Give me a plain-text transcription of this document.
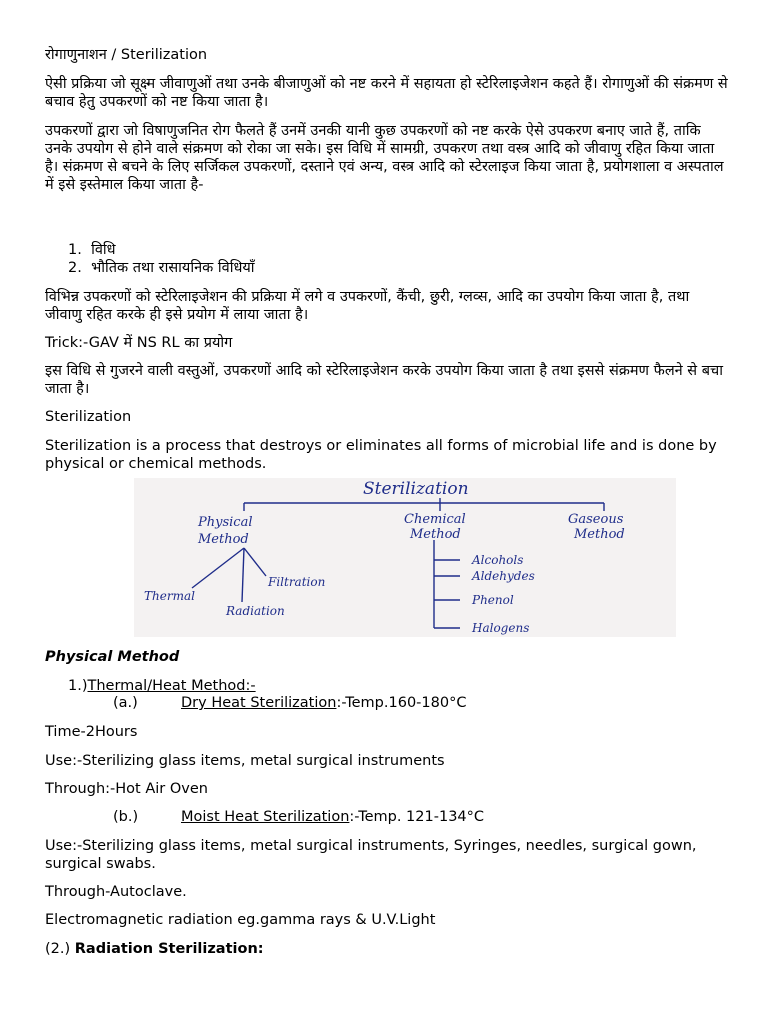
रोगाणुनाशन / Sterilization

ऐसी प्रक्रिया जो सूक्ष्म जीवाणुओं तथा उनके बीजाणुओं को नष्ट करने में सहायता हो स्टेरिलाइजेशन कहते हैं। रोगाणुओं की संक्रमण से बचाव हेतु उपकरणों को नष्ट किया जाता है।

उपकरणों द्वारा जो विषाणुजनित रोग फैलते हैं उनमें उनकी यानी कुछ उपकरणों को नष्ट करके ऐसे उपकरण बनाए जाते हैं, ताकि उनके उपयोग से होने वाले संक्रमण को रोका जा सके। इस विधि में सामग्री, उपकरण तथा वस्त्र आदि को जीवाणु रहित किया जाता है। संक्रमण से बचने के लिए सर्जिकल उपकरणों, दस्ताने एवं अन्य, वस्त्र आदि को स्टेरलाइज किया जाता है, प्रयोगशाला व अस्पताल में इसे इस्तेमाल किया जाता है-

1.  विधि
2.  भौतिक तथा रासायनिक विधियाँ

विभिन्न उपकरणों को स्टेरिलाइजेशन की प्रक्रिया में लगे व उपकरणों, कैंची, छुरी, ग्लव्स, आदि का उपयोग किया जाता है, तथा जीवाणु रहित करके ही इसे प्रयोग में लाया जाता है।

Trick:-GAV में NS RL का प्रयोग

इस विधि से गुजरने वाली वस्तुओं, उपकरणों आदि को स्टेरिलाइजेशन करके उपयोग किया जाता है तथा इससे संक्रमण फैलने से बचा जाता है।

Sterilization

Sterilization is a process that destroys or eliminates all forms of microbial life and is done by physical or chemical methods.

Sterilization
Physical
Method
Chemical
Method
Gaseous
Method
Thermal
Radiation
Filtration
Alcohols
Aldehydes
Phenol
Halogens

Physical Method

1.)Thermal/Heat Method:-
(a.)	Dry Heat Sterilization:-Temp.160-180°C

Time-2Hours

Use:-Sterilizing glass items, metal surgical instruments

Through:-Hot Air Oven

(b.)	Moist Heat Sterilization:-Temp. 121-134°C

Use:-Sterilizing glass items, metal surgical instruments, Syringes, needles, surgical gown, surgical swabs.

Through-Autoclave.

Electromagnetic radiation eg.gamma rays & U.V.Light

(2.) Radiation Sterilization:
